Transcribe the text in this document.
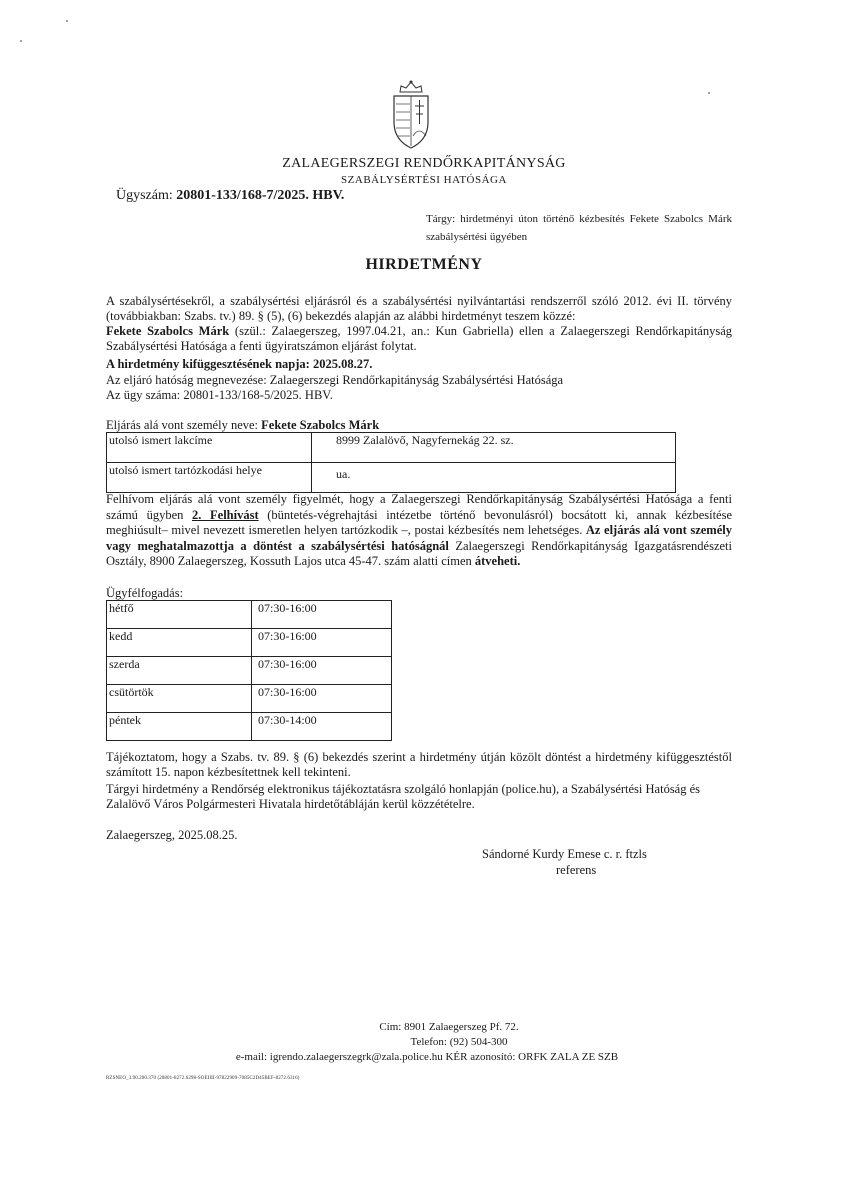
ZALAEGERSZEGI RENDŐRKAPITÁNYSÁG
SZABÁLYSÉRTÉSI HATÓSÁGA
Ügyszám: 20801-133/168-7/2025. HBV.
Tárgy: hirdetményi úton történő kézbesítés Fekete Szabolcs Márk szabálysértési ügyében
HIRDETMÉNY
A szabálysértésekről, a szabálysértési eljárásról és a szabálysértési nyilvántartási rendszerről szóló 2012. évi II. törvény (továbbiakban: Szabs. tv.) 89. § (5), (6) bekezdés alapján az alábbi hirdetményt teszem közzé:
Fekete Szabolcs Márk (szül.: Zalaegerszeg, 1997.04.21, an.: Kun Gabriella) ellen a Zalaegerszegi Rendőrkapitányság Szabálysértési Hatósága a fenti ügyiratszámon eljárást folytat.
A hirdetmény kifüggesztésének napja: 2025.08.27.
Az eljáró hatóság megnevezése: Zalaegerszegi Rendőrkapitányság Szabálysértési Hatósága
Az ügy száma: 20801-133/168-5/2025. HBV.
Eljárás alá vont személy neve: Fekete Szabolcs Márk
utolsó ismert lakcíme	8999 Zalalövő, Nagyfernekág 22. sz.
utolsó ismert tartózkodási helye	ua.
Felhívom eljárás alá vont személy figyelmét, hogy a Zalaegerszegi Rendőrkapitányság Szabálysértési Hatósága a fenti számú ügyben 2. Felhívást (büntetés-végrehajtási intézetbe történő bevonulásról) bocsátott ki, annak kézbesítése meghiúsult– mivel nevezett ismeretlen helyen tartózkodik –, postai kézbesítés nem lehetséges. Az eljárás alá vont személy vagy meghatalmazottja a döntést a szabálysértési hatóságnál Zalaegerszegi Rendőrkapitányság Igazgatásrendészeti Osztály, 8900 Zalaegerszeg, Kossuth Lajos utca 45-47. szám alatti címen átveheti.
Ügyfélfogadás:
hétfő	07:30-16:00
kedd	07:30-16:00
szerda	07:30-16:00
csütörtök	07:30-16:00
péntek	07:30-14:00
Tájékoztatom, hogy a Szabs. tv. 89. § (6) bekezdés szerint a hirdetmény útján közölt döntést a hirdetmény kifüggesztéstől számított 15. napon kézbesítettnek kell tekinteni.
Tárgyi hirdetmény a Rendőrség elektronikus tájékoztatásra szolgáló honlapján (police.hu), a Szabálysértési Hatóság és Zalalövő Város Polgármesteri Hivatala hirdetőtábláján kerül közzétételre.
Zalaegerszeg, 2025.08.25.
Sándorné Kurdy Emese c. r. ftzls
referens
Cím: 8901 Zalaegerszeg Pf. 72.
Telefon: (92) 504-300
e-mail: igrendo.zalaegerszegrk@zala.police.hu KÉR azonosító: ORFK ZALA ZE SZB
RZSNEO_3.90.200.370 (20801-8272.6298-SOEIIII-97822909-7085C2D45BEF-8272.6316)
